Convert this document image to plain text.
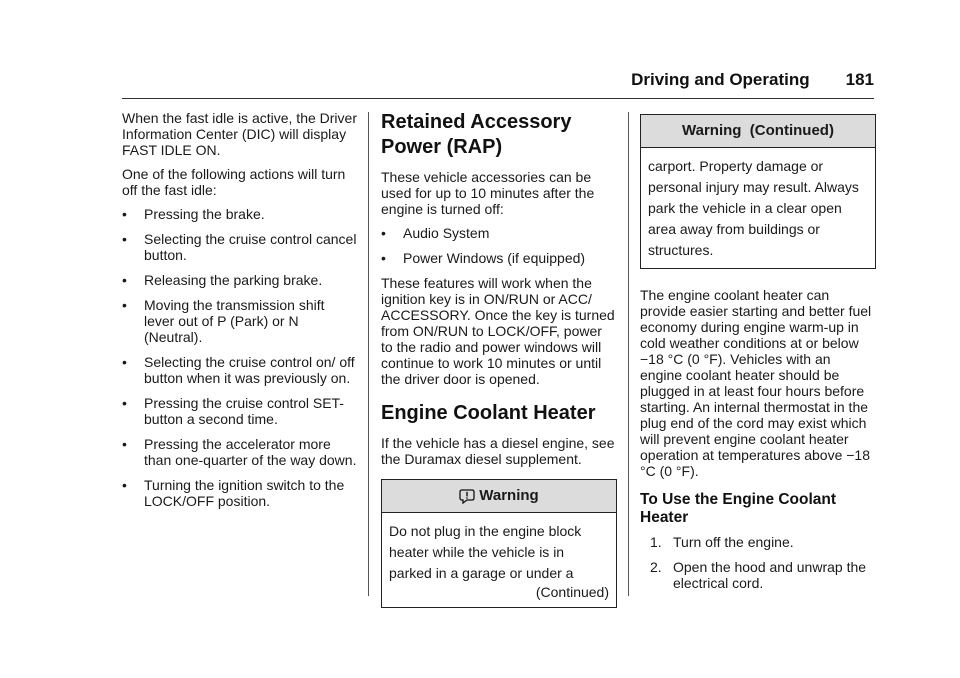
Driving and Operating 181

When the fast idle is active, the Driver Information Center (DIC) will display FAST IDLE ON.

One of the following actions will turn off the fast idle:

• Pressing the brake.
• Selecting the cruise control cancel button.
• Releasing the parking brake.
• Moving the transmission shift lever out of P (Park) or N (Neutral).
• Selecting the cruise control on/ off button when it was previously on.
• Pressing the cruise control SET- button a second time.
• Pressing the accelerator more than one-quarter of the way down.
• Turning the ignition switch to the LOCK/OFF position.
Retained Accessory Power (RAP)

These vehicle accessories can be used for up to 10 minutes after the engine is turned off:

• Audio System
• Power Windows (if equipped)

These features will work when the ignition key is in ON/RUN or ACC/ ACCESSORY. Once the key is turned from ON/RUN to LOCK/OFF, power to the radio and power windows will continue to work 10 minutes or until the driver door is opened.

Engine Coolant Heater

If the vehicle has a diesel engine, see the Duramax diesel supplement.

Warning
Do not plug in the engine block heater while the vehicle is in parked in a garage or under a
(Continued)
Warning  (Continued)
carport. Property damage or personal injury may result. Always park the vehicle in a clear open area away from buildings or structures.

The engine coolant heater can provide easier starting and better fuel economy during engine warm-up in cold weather conditions at or below −18 °C (0 °F). Vehicles with an engine coolant heater should be plugged in at least four hours before starting. An internal thermostat in the plug end of the cord may exist which will prevent engine coolant heater operation at temperatures above −18 °C (0 °F).

To Use the Engine Coolant Heater
1. Turn off the engine.
2. Open the hood and unwrap the electrical cord.
